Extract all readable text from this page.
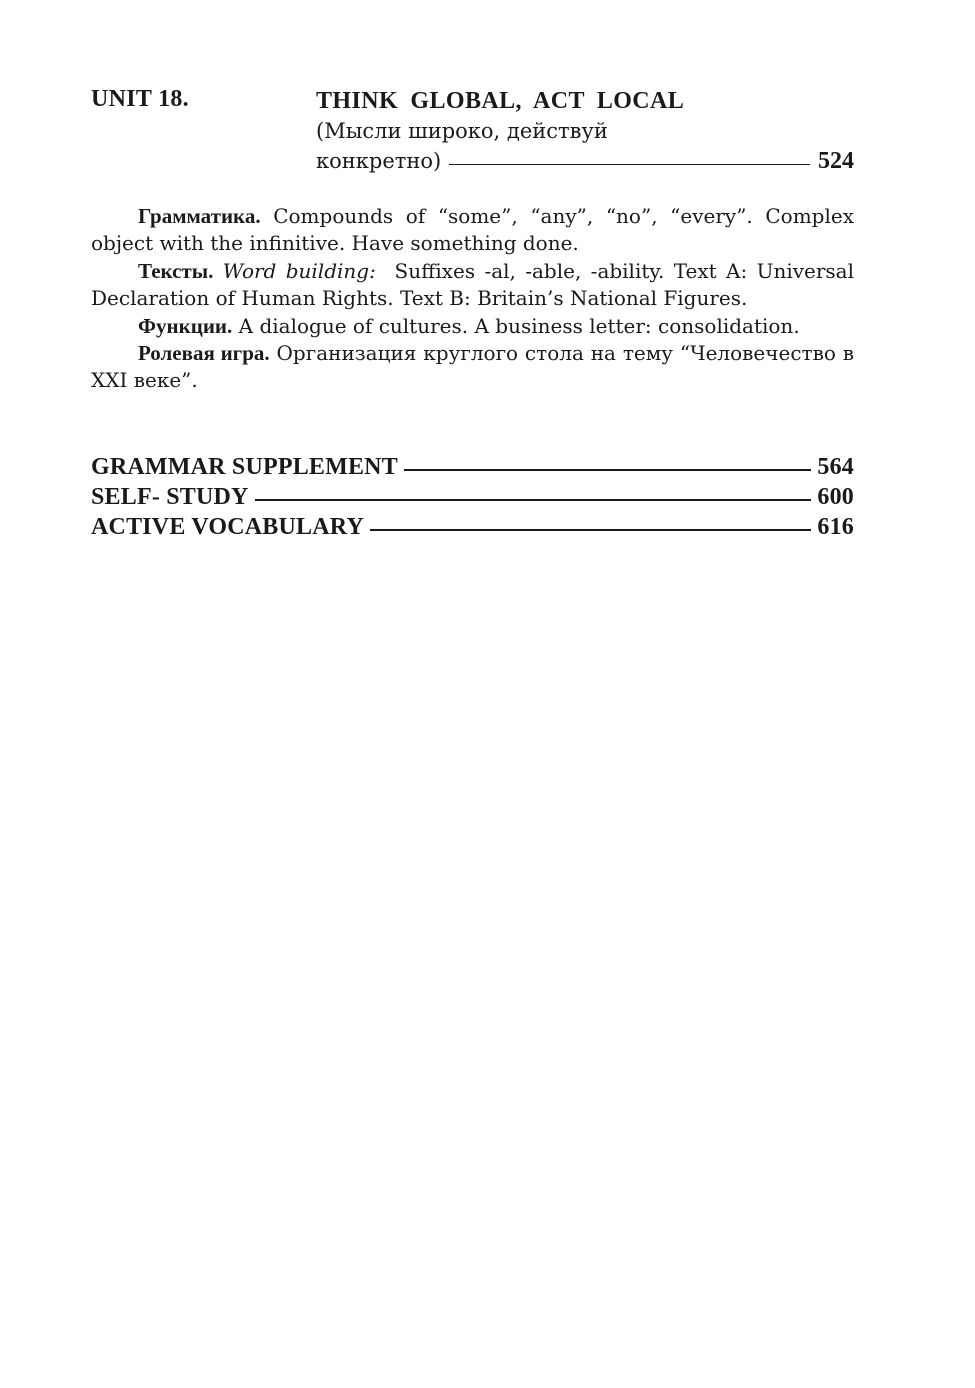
UNIT 18.	THINK GLOBAL, ACT LOCAL
(Мысли широко, действуй
конкретно)	524

Грамматика. Compounds of “some”, “any”, “no”, “every”. Complex object with the infinitive. Have something done.

Тексты. Word building: Suffixes -al, -able, -ability. Text A: Universal Declaration of Human Rights. Text B: Britain’s National Figures.

Функции. A dialogue of cultures. A business letter: consolidation.

Ролевая игра. Организация круглого стола на тему “Человечество в XXI веке”.

GRAMMAR SUPPLEMENT	564
SELF- STUDY	600
ACTIVE VOCABULARY	616
